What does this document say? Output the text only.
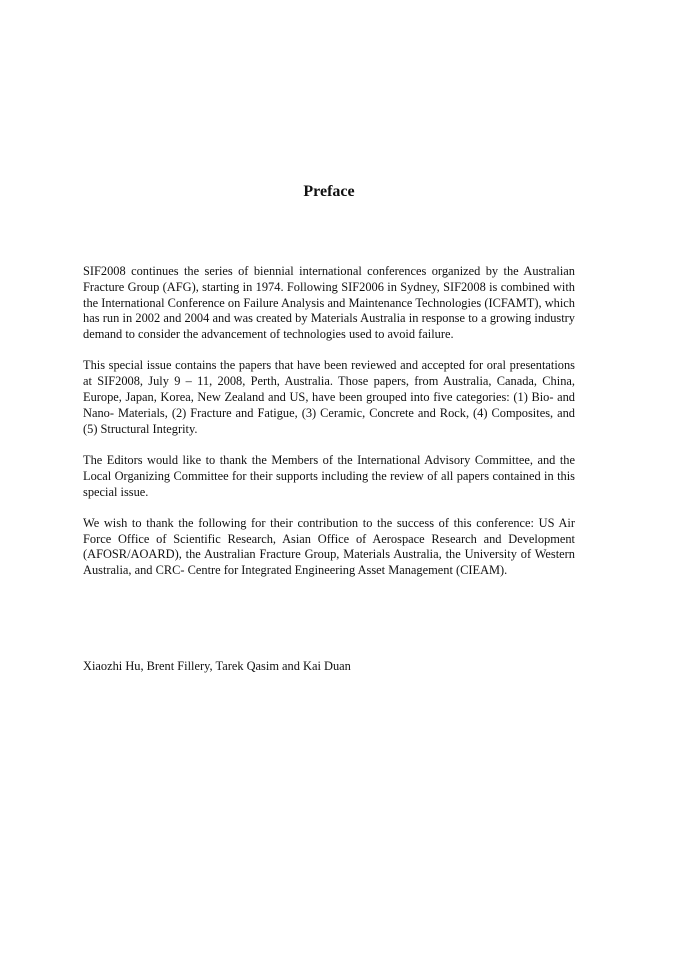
Preface

SIF2008 continues the series of biennial international conferences organized by the Australian Fracture Group (AFG), starting in 1974. Following SIF2006 in Sydney, SIF2008 is combined with the International Conference on Failure Analysis and Maintenance Technologies (ICFAMT), which has run in 2002 and 2004 and was created by Materials Australia in response to a growing industry demand to consider the advancement of technologies used to avoid failure.

This special issue contains the papers that have been reviewed and accepted for oral presentations at SIF2008, July 9 – 11, 2008, Perth, Australia. Those papers, from Australia, Canada, China, Europe, Japan, Korea, New Zealand and US, have been grouped into five categories: (1) Bio- and Nano- Materials, (2) Fracture and Fatigue, (3) Ceramic, Concrete and Rock, (4) Composites, and (5) Structural Integrity.

The Editors would like to thank the Members of the International Advisory Committee, and the Local Organizing Committee for their supports including the review of all papers contained in this special issue.

We wish to thank the following for their contribution to the success of this conference: US Air Force Office of Scientific Research, Asian Office of Aerospace Research and Development (AFOSR/AOARD), the Australian Fracture Group, Materials Australia, the University of Western Australia, and CRC- Centre for Integrated Engineering Asset Management (CIEAM).

Xiaozhi Hu, Brent Fillery, Tarek Qasim and Kai Duan
